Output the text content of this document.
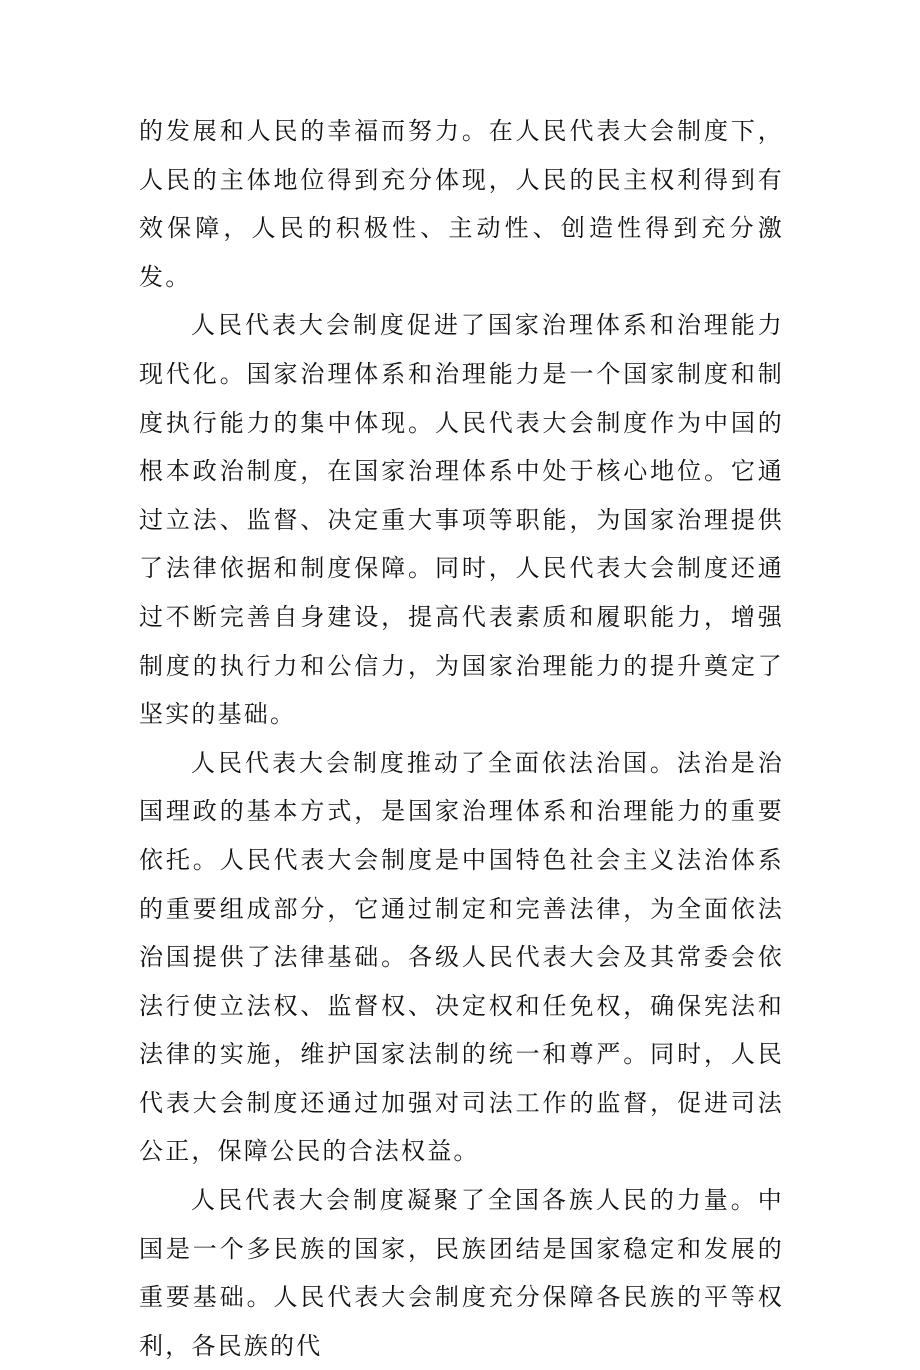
的发展和人民的幸福而努力。在人民代表大会制度下，人民的主体地位得到充分体现，人民的民主权利得到有效保障，人民的积极性、主动性、创造性得到充分激发。

人民代表大会制度促进了国家治理体系和治理能力现代化。国家治理体系和治理能力是一个国家制度和制度执行能力的集中体现。人民代表大会制度作为中国的根本政治制度，在国家治理体系中处于核心地位。它通过立法、监督、决定重大事项等职能，为国家治理提供了法律依据和制度保障。同时，人民代表大会制度还通过不断完善自身建设，提高代表素质和履职能力，增强制度的执行力和公信力，为国家治理能力的提升奠定了坚实的基础。

人民代表大会制度推动了全面依法治国。法治是治国理政的基本方式，是国家治理体系和治理能力的重要依托。人民代表大会制度是中国特色社会主义法治体系的重要组成部分，它通过制定和完善法律，为全面依法治国提供了法律基础。各级人民代表大会及其常委会依法行使立法权、监督权、决定权和任免权，确保宪法和法律的实施，维护国家法制的统一和尊严。同时，人民代表大会制度还通过加强对司法工作的监督，促进司法公正，保障公民的合法权益。

人民代表大会制度凝聚了全国各族人民的力量。中国是一个多民族的国家，民族团结是国家稳定和发展的重要基础。人民代表大会制度充分保障各民族的平等权利，各民族的代
